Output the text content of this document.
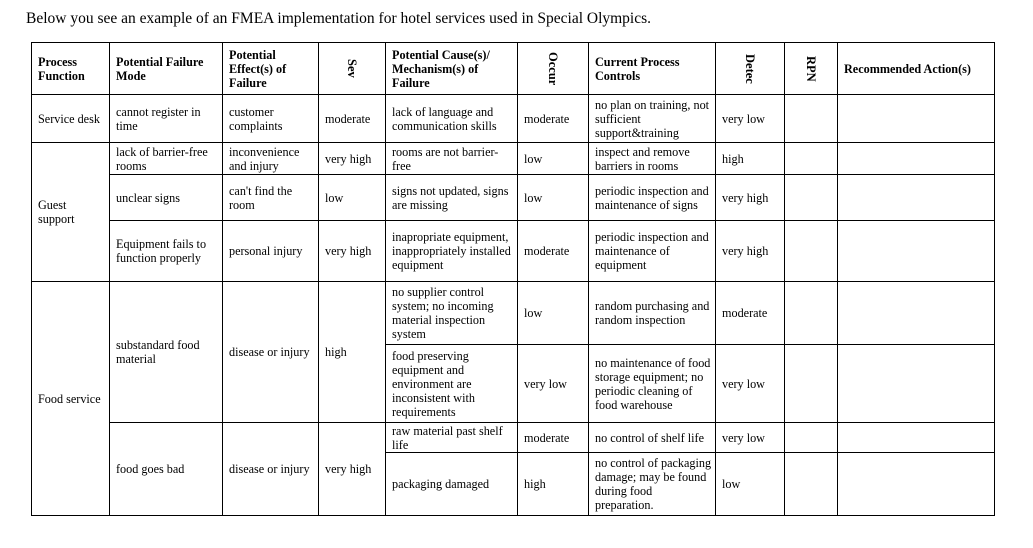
Below you see an example of an FMEA implementation for hotel services used in Special Olympics.
Process Function	Potential Failure Mode	Potential Effect(s) of Failure	Sev	Potential Cause(s)/ Mechanism(s) of Failure	Occur	Current Process Controls	Detec	RPN	Recommended Action(s)
Service desk	cannot register in time	customer complaints	moderate	lack of language and communication skills	moderate	no plan on training, not sufficient support&training	very low		
Guest support	lack of barrier-free rooms	inconvenience and injury	very high	rooms are not barrier-free	low	inspect and remove barriers in rooms	high		
	unclear signs	can't find the room	low	signs not updated, signs are missing	low	periodic inspection and maintenance of signs	very high		
	Equipment fails to function properly	personal injury	very high	inapropriate equipment, inappropriately installed equipment	moderate	periodic inspection and maintenance of equipment	very high		
Food service	substandard food material	disease or injury	high	no supplier control system; no incoming material inspection system	low	random purchasing and random inspection	moderate		
				food preserving equipment and environment are inconsistent with requirements	very low	no maintenance of food storage equipment; no periodic cleaning of food warehouse	very low		
	food goes bad	disease or injury	very high	raw material past shelf life	moderate	no control of shelf life	very low		
				packaging damaged	high	no control of packaging damage; may be found during food preparation.	low		
